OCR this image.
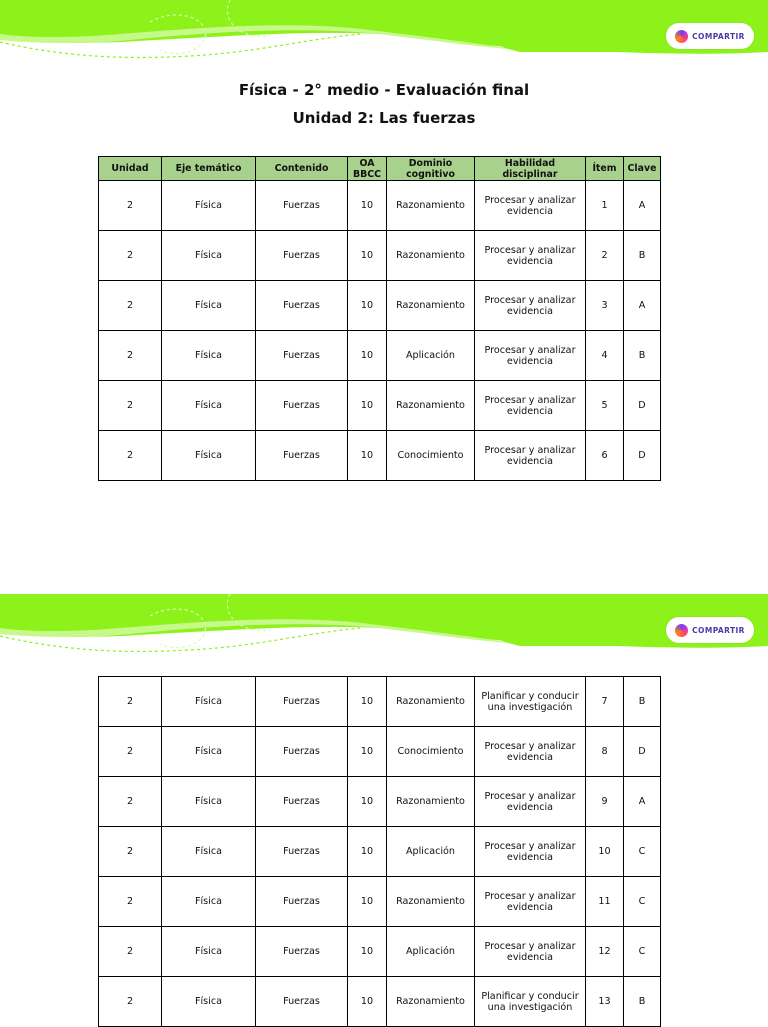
COMPARTIR
Física - 2° medio - Evaluación final
Unidad 2: Las fuerzas
Unidad	Eje temático	Contenido	OA BBCC	Dominio cognitivo	Habilidad disciplinar	Ítem	Clave
2	Física	Fuerzas	10	Razonamiento	Procesar y analizar evidencia	1	A
2	Física	Fuerzas	10	Razonamiento	Procesar y analizar evidencia	2	B
2	Física	Fuerzas	10	Razonamiento	Procesar y analizar evidencia	3	A
2	Física	Fuerzas	10	Aplicación	Procesar y analizar evidencia	4	B
2	Física	Fuerzas	10	Razonamiento	Procesar y analizar evidencia	5	D
2	Física	Fuerzas	10	Conocimiento	Procesar y analizar evidencia	6	D
COMPARTIR
2	Física	Fuerzas	10	Razonamiento	Planificar y conducir una investigación	7	B
2	Física	Fuerzas	10	Conocimiento	Procesar y analizar evidencia	8	D
2	Física	Fuerzas	10	Razonamiento	Procesar y analizar evidencia	9	A
2	Física	Fuerzas	10	Aplicación	Procesar y analizar evidencia	10	C
2	Física	Fuerzas	10	Razonamiento	Procesar y analizar evidencia	11	C
2	Física	Fuerzas	10	Aplicación	Procesar y analizar evidencia	12	C
2	Física	Fuerzas	10	Razonamiento	Planificar y conducir una investigación	13	B
